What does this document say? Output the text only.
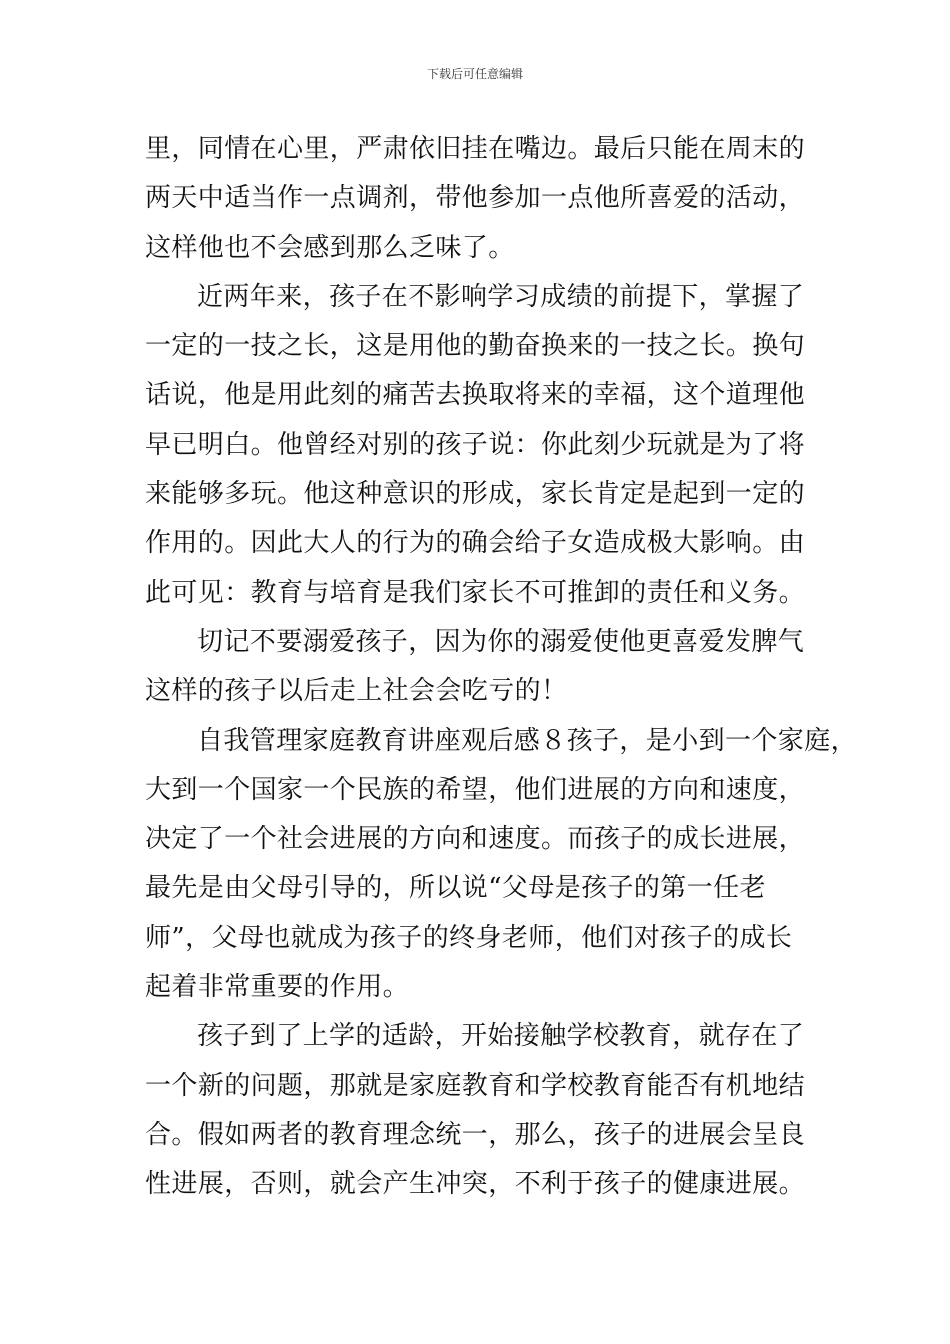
下载后可任意编辑
里，同情在心里，严肃依旧挂在嘴边。最后只能在周末的
两天中适当作一点调剂，带他参加一点他所喜爱的活动，
这样他也不会感到那么乏味了。
近两年来，孩子在不影响学习成绩的前提下，掌握了
一定的一技之长，这是用他的勤奋换来的一技之长。换句
话说，他是用此刻的痛苦去换取将来的幸福，这个道理他
早已明白。他曾经对别的孩子说：你此刻少玩就是为了将
来能够多玩。他这种意识的形成，家长肯定是起到一定的
作用的。因此大人的行为的确会给子女造成极大影响。由
此可见：教育与培育是我们家长不可推卸的责任和义务。
切记不要溺爱孩子，因为你的溺爱使他更喜爱发脾气
这样的孩子以后走上社会会吃亏的！
自我管理家庭教育讲座观后感８孩子，是小到一个家庭，
大到一个国家一个民族的希望，他们进展的方向和速度，
决定了一个社会进展的方向和速度。而孩子的成长进展，
最先是由父母引导的，所以说“父母是孩子的第一任老
师”，父母也就成为孩子的终身老师，他们对孩子的成长
起着非常重要的作用。
孩子到了上学的适龄，开始接触学校教育，就存在了
一个新的问题，那就是家庭教育和学校教育能否有机地结
合。假如两者的教育理念统一，那么，孩子的进展会呈良
性进展，否则，就会产生冲突，不利于孩子的健康进展。
